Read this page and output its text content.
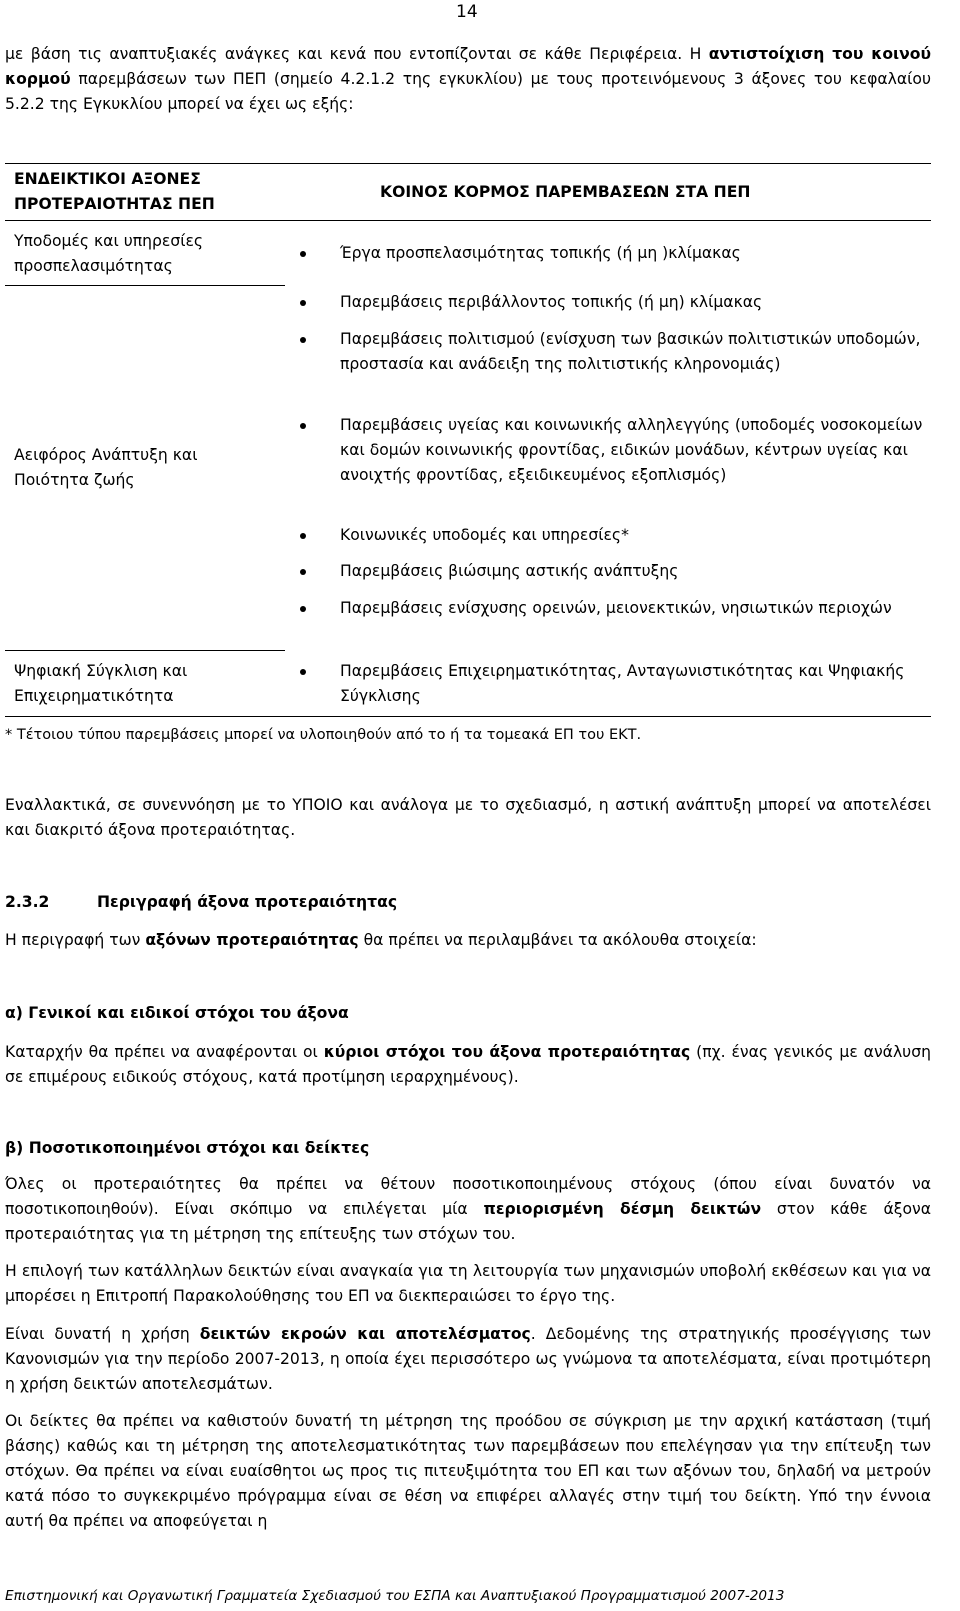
14

με βάση τις αναπτυξιακές ανάγκες και κενά που εντοπίζονται σε κάθε Περιφέρεια. Η αντιστοίχιση του κοινού κορμού παρεμβάσεων των ΠΕΠ (σημείο 4.2.1.2 της εγκυκλίου) με τους προτεινόμενους 3 άξονες του κεφαλαίου 5.2.2 της Εγκυκλίου μπορεί να έχει ως εξής:

ΕΝΔΕΙΚΤΙΚΟΙ ΑΞΟΝΕΣ ΠΡΟΤΕΡΑΙΟΤΗΤΑΣ ΠΕΠ
ΚΟΙΝΟΣ ΚΟΡΜΟΣ ΠΑΡΕΜΒΑΣΕΩΝ ΣΤΑ ΠΕΠ
Υποδομές και υπηρεσίες προσπελασιμότητας
Αειφόρος Ανάπτυξη και Ποιότητα ζωής
Ψηφιακή Σύγκλιση και Επιχειρηματικότητα
Έργα προσπελασιμότητας τοπικής (ή μη )κλίμακας
Παρεμβάσεις περιβάλλοντος τοπικής (ή μη) κλίμακας
Παρεμβάσεις πολιτισμού (ενίσχυση των βασικών πολιτιστικών υποδομών, προστασία και ανάδειξη της πολιτιστικής κληρονομιάς)
Παρεμβάσεις υγείας και κοινωνικής αλληλεγγύης (υποδομές νοσοκομείων και δομών κοινωνικής φροντίδας, ειδικών μονάδων, κέντρων υγείας και ανοιχτής φροντίδας, εξειδικευμένος εξοπλισμός)
Κοινωνικές υποδομές και υπηρεσίες*
Παρεμβάσεις βιώσιμης αστικής ανάπτυξης
Παρεμβάσεις ενίσχυσης ορεινών, μειονεκτικών, νησιωτικών περιοχών
Παρεμβάσεις Επιχειρηματικότητας, Ανταγωνιστικότητας και Ψηφιακής Σύγκλισης
* Τέτοιου τύπου παρεμβάσεις μπορεί να υλοποιηθούν από το ή τα τομεακά ΕΠ του ΕΚΤ.

Εναλλακτικά, σε συνεννόηση με το ΥΠΟΙΟ και ανάλογα με το σχεδιασμό, η αστική ανάπτυξη μπορεί να αποτελέσει και διακριτό άξονα προτεραιότητας.

2.3.2	Περιγραφή άξονα προτεραιότητας

Η περιγραφή των αξόνων προτεραιότητας θα πρέπει να περιλαμβάνει τα ακόλουθα στοιχεία:

α) Γενικοί και ειδικοί στόχοι του άξονα

Καταρχήν θα πρέπει να αναφέρονται οι κύριοι στόχοι του άξονα προτεραιότητας (πχ. ένας γενικός με ανάλυση σε επιμέρους ειδικούς στόχους, κατά προτίμηση ιεραρχημένους).

β) Ποσοτικοποιημένοι στόχοι και δείκτες

Όλες οι προτεραιότητες θα πρέπει να θέτουν ποσοτικοποιημένους στόχους (όπου είναι δυνατόν να ποσοτικοποιηθούν). Είναι σκόπιμο να επιλέγεται μία περιορισμένη δέσμη δεικτών στον κάθε άξονα προτεραιότητας για τη μέτρηση της επίτευξης των στόχων του.

Η επιλογή των κατάλληλων δεικτών είναι αναγκαία για τη λειτουργία των μηχανισμών υποβολή εκθέσεων και για να μπορέσει η Επιτροπή Παρακολούθησης του ΕΠ να διεκπεραιώσει το έργο της.

Είναι δυνατή η χρήση δεικτών εκροών και αποτελέσματος. Δεδομένης της στρατηγικής προσέγγισης των Κανονισμών για την περίοδο 2007-2013, η οποία έχει περισσότερο ως γνώμονα τα αποτελέσματα, είναι προτιμότερη η χρήση δεικτών αποτελεσμάτων.

Οι δείκτες θα πρέπει να καθιστούν δυνατή τη μέτρηση της προόδου σε σύγκριση με την αρχική κατάσταση (τιμή βάσης) καθώς και τη μέτρηση της αποτελεσματικότητας των παρεμβάσεων που επελέγησαν για την επίτευξη των στόχων. Θα πρέπει να είναι ευαίσθητοι ως προς τις πιτευξιμότητα του ΕΠ και των αξόνων του, δηλαδή να μετρούν κατά πόσο το συγκεκριμένο πρόγραμμα είναι σε θέση να επιφέρει αλλαγές στην τιμή του δείκτη. Υπό την έννοια αυτή θα πρέπει να αποφεύγεται η

Επιστημονική και Οργανωτική Γραμματεία Σχεδιασμού του ΕΣΠΑ και Αναπτυξιακού Προγραμματισμού 2007-2013
